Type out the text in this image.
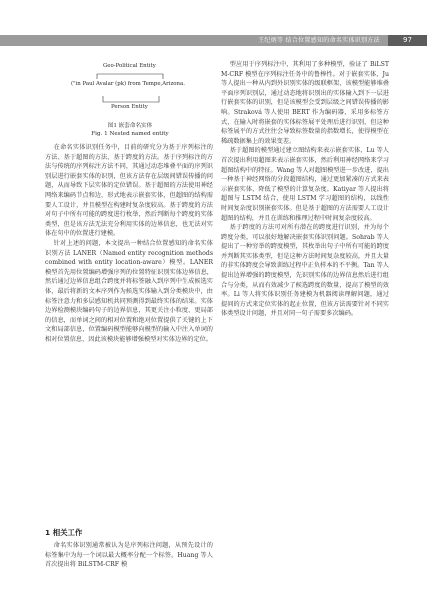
王纪炳等 结合位置感知的命名实体识别方法	97
Geo-Political Entity
("in Paul Avalar (pk) from Tempe,Arizona.
Person Entity
图1 嵌套命名实体
Fig. 1 Nested named entity

在命名实体识别任务中，目前的研究分为基于序列标注的方法、基于超图的方法、基于跨度的方法。基于序列标注的方法与传统的序列标注方法不同，其通过动态堆叠平面的序列识别层进行嵌套实体的识别，但该方法存在层级间错误传播的问题，从而导致下层实体的定位错误。基于超图的方法使用神经网络来编码节点和边，形式地表示嵌套实体，但超图的结构需要人工设计，并且模型在构建时复杂度较高。基于跨度的方法对句子中所有可能的跨度进行枚举，然后判断每个跨度的实体类型，但是该方法无法充分利用实体的边界信息，也无法对实体在句中的位置进行建模。

针对上述的问题，本文提出一种结合位置感知的命名实体识别方法 LANER（Named entity recognition methods combined with entity location-aware）模型。LANER 模型首先用位置编码增强序列的位置特征识别实体边界信息，然后通过边界信息组合跨度并将标签融入到序列中生成候选实体，最后将新的文本序列作为候选实体输入到分类模块中，由标签注意力和多层感知机共同预测得到最终实体的结果。实体边界检测模块编码句子的边界信息，其更关注小粒度、更局部的信息，而单词之间的相对位置和绝对位置提供了关键的上下文和局部信息，位置编码模型能够向模型的输入中注入单词的相对位置信息，因此该模块能够增强模型对实体边界的定位。

1 相关工作

命名实体识别通常被认为是序列标注问题，从预先设计的标签集中为每一个词以最大概率分配一个标签。Huang 等人首次提出将 BiLSTM-CRF 模

型应用于序列标注中，其利用了多种模型，验证了 BiLSTM-CRF 模型在序列标注任务中的鲁棒性。对于嵌套实体，Ju 等人提出一种从内到外识别实体的级联框架，该模型能够堆叠平面序列识别层，通过动态地将识别出的实体输入到下一层进行嵌套实体的识别，但是该模型会受到层级之间错误传播的影响。Straková 等人使用 BERT 作为编码器，采用多标签方式，在输入时将嵌套的实体标签展平处理后进行识别，但这种标签展平的方式往往会导致标签数量的指数增长，使得模型在稀疏数据集上的效果变差。

基于超图的模型通过建立图结构来表示嵌套实体，Lu 等人首次提出利用超图来表示嵌套实体，然后利用神经网络来学习超图结构中的特征。Wang 等人对超图模型进一步改进，提出一种基于神经网络的分段超图结构，通过更加紧凑的方式来表示嵌套实体，降低了模型的计算复杂度。Katiyar 等人提出将超图与 LSTM 结合，使用 LSTM 学习超图的结构，以线性时间复杂度识别嵌套实体。但是基于超图的方法需要人工设计超图的结构，并且在训练和推理过程中时间复杂度较高。

基于跨度的方法可对所有潜在的跨度进行识别，并为每个跨度分类，可以很好地解决嵌套实体识别问题。Sohrab 等人提出了一种穷举的跨度模型，其枚举出句子中所有可能的跨度并判断其实体类型，但是这种方法时间复杂度较高，并且大量的非实体跨度会导致训练过程中正负样本的不平衡。Tan 等人提出边界增强的跨度模型，先识别实体的边界信息然后进行组合与分类，从而有效减少了候选跨度的数量，提高了模型的效率。Li 等人将实体识别任务建模为机器阅读理解问题，通过提问的方式来定位实体的起止位置，但该方法需要针对不同实体类型设计问题，并且对同一句子需要多次编码。
